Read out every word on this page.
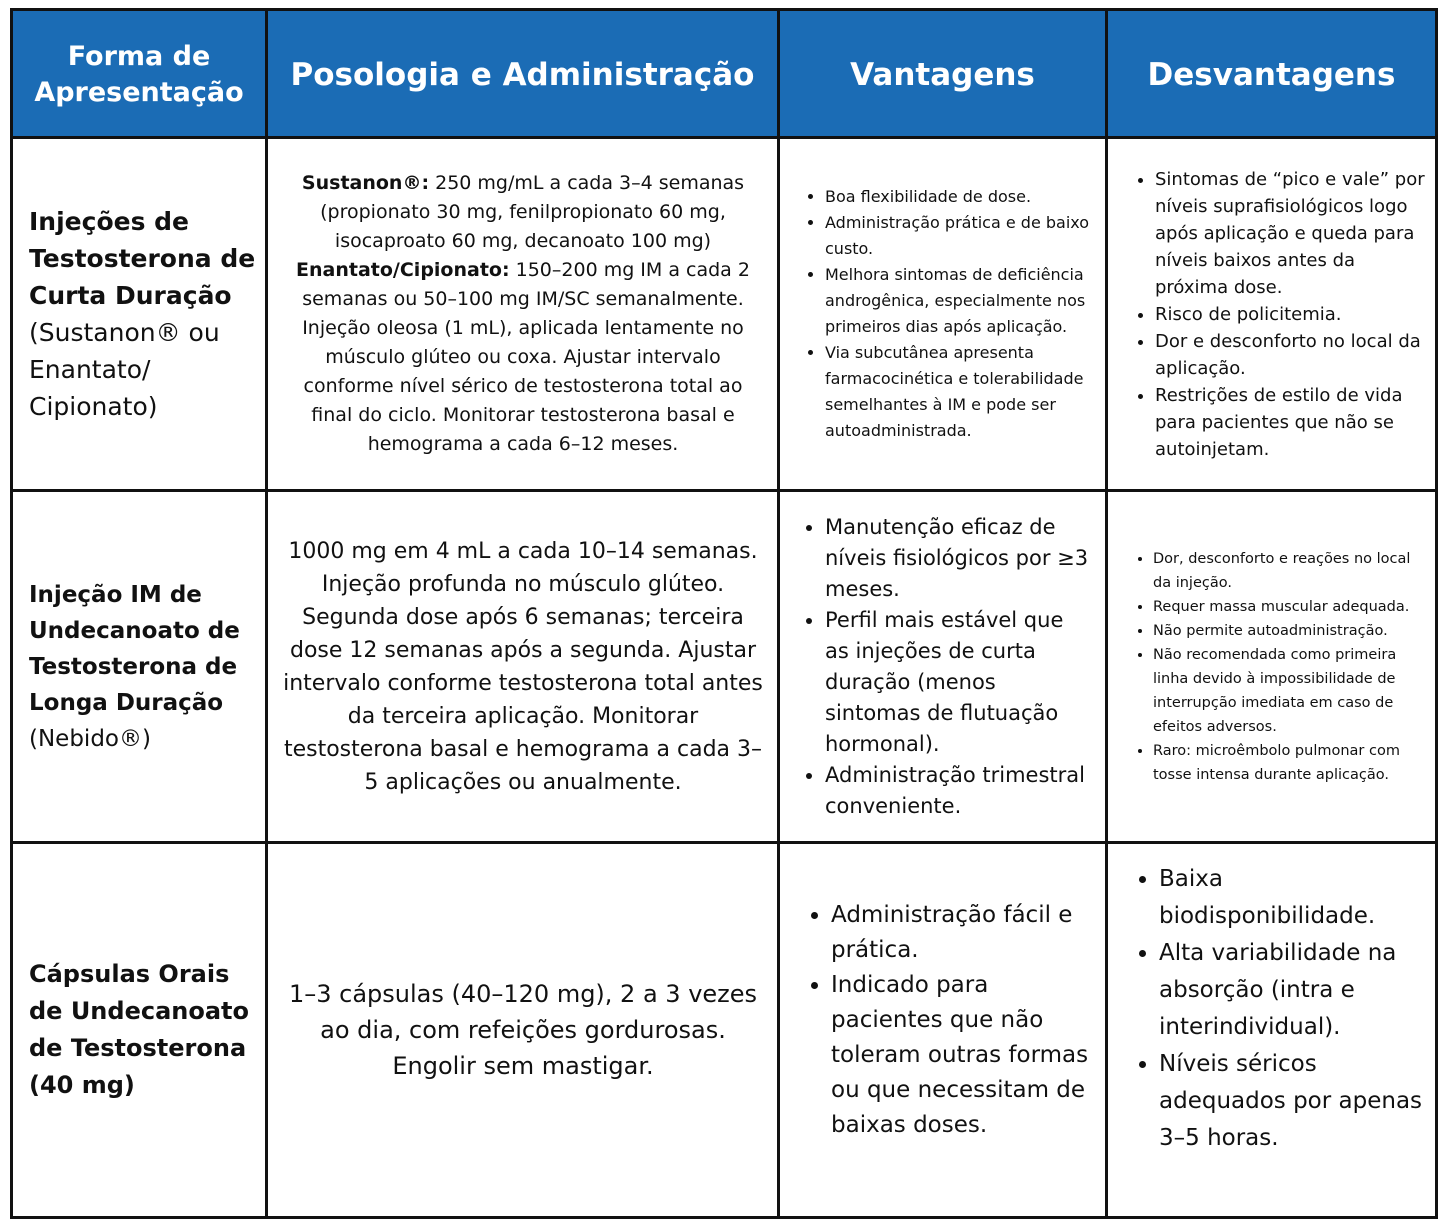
Forma de Apresentação Posologia e Administração	Vantagens	Desvantagens
Injeções de Testosterona de Curta Duração (Sustanon® ou Enantato/ Cipionato)
Sustanon®: 250 mg/mL a cada 3–4 semanas (propionato 30 mg, fenilpropionato 60 mg, isocaproato 60 mg, decanoato 100 mg)
Enantato/Cipionato: 150–200 mg IM a cada 2 semanas ou 50–100 mg IM/SC semanalmente. Injeção oleosa (1 mL), aplicada lentamente no músculo glúteo ou coxa. Ajustar intervalo conforme nível sérico de testosterona total ao final do ciclo. Monitorar testosterona basal e hemograma a cada 6–12 meses.
• Boa flexibilidade de dose.
• Administração prática e de baixo custo.
• Melhora sintomas de deficiência androgênica, especialmente nos primeiros dias após aplicação.
• Via subcutânea apresenta farmacocinética e tolerabilidade semelhantes à IM e pode ser autoadministrada.
• Sintomas de “pico e vale” por níveis suprafisiológicos logo após aplicação e queda para níveis baixos antes da próxima dose.
• Risco de policitemia.
• Dor e desconforto no local da aplicação.
• Restrições de estilo de vida para pacientes que não se autoinjetam.
Injeção IM de Undecanoato de Testosterona de Longa Duração (Nebido®)
1000 mg em 4 mL a cada 10–14 semanas. Injeção profunda no músculo glúteo. Segunda dose após 6 semanas; terceira dose 12 semanas após a segunda. Ajustar intervalo conforme testosterona total antes da terceira aplicação. Monitorar testosterona basal e hemograma a cada 3–5 aplicações ou anualmente.
• Manutenção eficaz de níveis fisiológicos por ≥3 meses.
• Perfil mais estável que as injeções de curta duração (menos sintomas de flutuação hormonal).
• Administração trimestral conveniente.
• Dor, desconforto e reações no local da injeção.
• Requer massa muscular adequada.
• Não permite autoadministração.
• Não recomendada como primeira linha devido à impossibilidade de interrupção imediata em caso de efeitos adversos.
• Raro: microêmbolo pulmonar com tosse intensa durante aplicação.
Cápsulas Orais de Undecanoato de Testosterona (40 mg)
1–3 cápsulas (40–120 mg), 2 a 3 vezes ao dia, com refeições gordurosas. Engolir sem mastigar.
• Administração fácil e prática.
• Indicado para pacientes que não toleram outras formas ou que necessitam de baixas doses.
• Baixa biodisponibilidade.
• Alta variabilidade na absorção (intra e interindividual).
• Níveis séricos adequados por apenas 3–5 horas.
